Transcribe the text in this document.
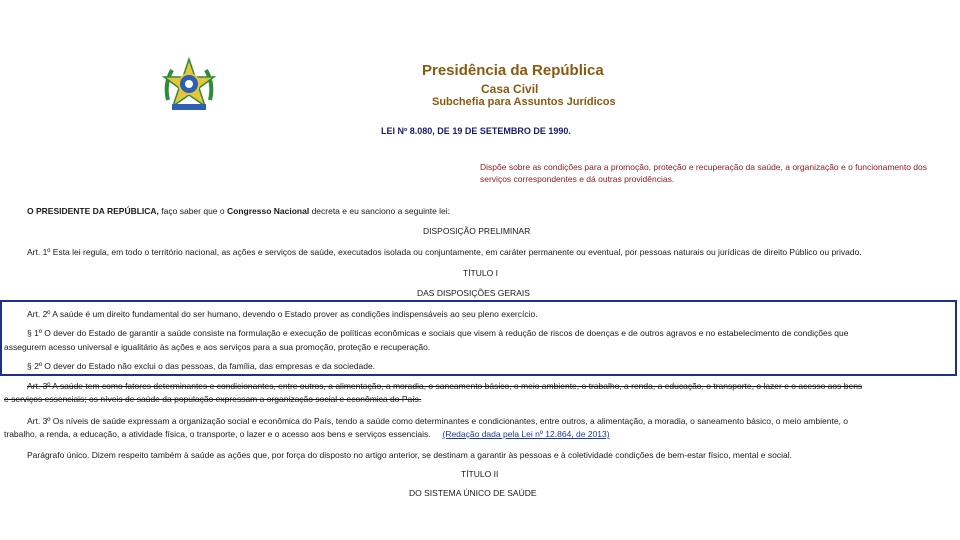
Presidência da República
Casa Civil
Subchefia para Assuntos Jurídicos
LEI Nº 8.080, DE 19 DE SETEMBRO DE 1990.
Dispõe sobre as condições para a promoção, proteção e recuperação da saúde, a organização e o funcionamento dos serviços correspondentes e dá outras providências.
O PRESIDENTE DA REPÚBLICA, faço saber que o Congresso Nacional decreta e eu sanciono a seguinte lei:
DISPOSIÇÃO PRELIMINAR
Art. 1º Esta lei regula, em todo o território nacional, as ações e serviços de saúde, executados isolada ou conjuntamente, em caráter permanente ou eventual, por pessoas naturais ou jurídicas de direito Público ou privado.
TÍTULO I
DAS DISPOSIÇÕES GERAIS
Art. 2º A saúde é um direito fundamental do ser humano, devendo o Estado prover as condições indispensáveis ao seu pleno exercício.
§ 1º O dever do Estado de garantir a saúde consiste na formulação e execução de políticas econômicas e sociais que visem à redução de riscos de doenças e de outros agravos e no estabelecimento de condições que
assegurem acesso universal e igualitário às ações e aos serviços para a sua promoção, proteção e recuperação.
§ 2º O dever do Estado não exclui o das pessoas, da família, das empresas e da sociedade.
Art. 3º A saúde tem como fatores determinantes e condicionantes, entre outros, a alimentação, a moradia, o saneamento básico, o meio ambiente, o trabalho, a renda, a educação, o transporte, o lazer e o acesso aos bens
e serviços essenciais; os níveis de saúde da população expressam a organização social e econômica do País.
Art. 3º Os níveis de saúde expressam a organização social e econômica do País, tendo a saúde como determinantes e condicionantes, entre outros, a alimentação, a moradia, o saneamento básico, o meio ambiente, o
trabalho, a renda, a educação, a atividade física, o transporte, o lazer e o acesso aos bens e serviços essenciais. (Redação dada pela Lei nº 12.864, de 2013)
Parágrafo único. Dizem respeito também à saúde as ações que, por força do disposto no artigo anterior, se destinam a garantir às pessoas e à coletividade condições de bem-estar físico, mental e social.
TÍTULO II
DO SISTEMA ÚNICO DE SAÚDE
